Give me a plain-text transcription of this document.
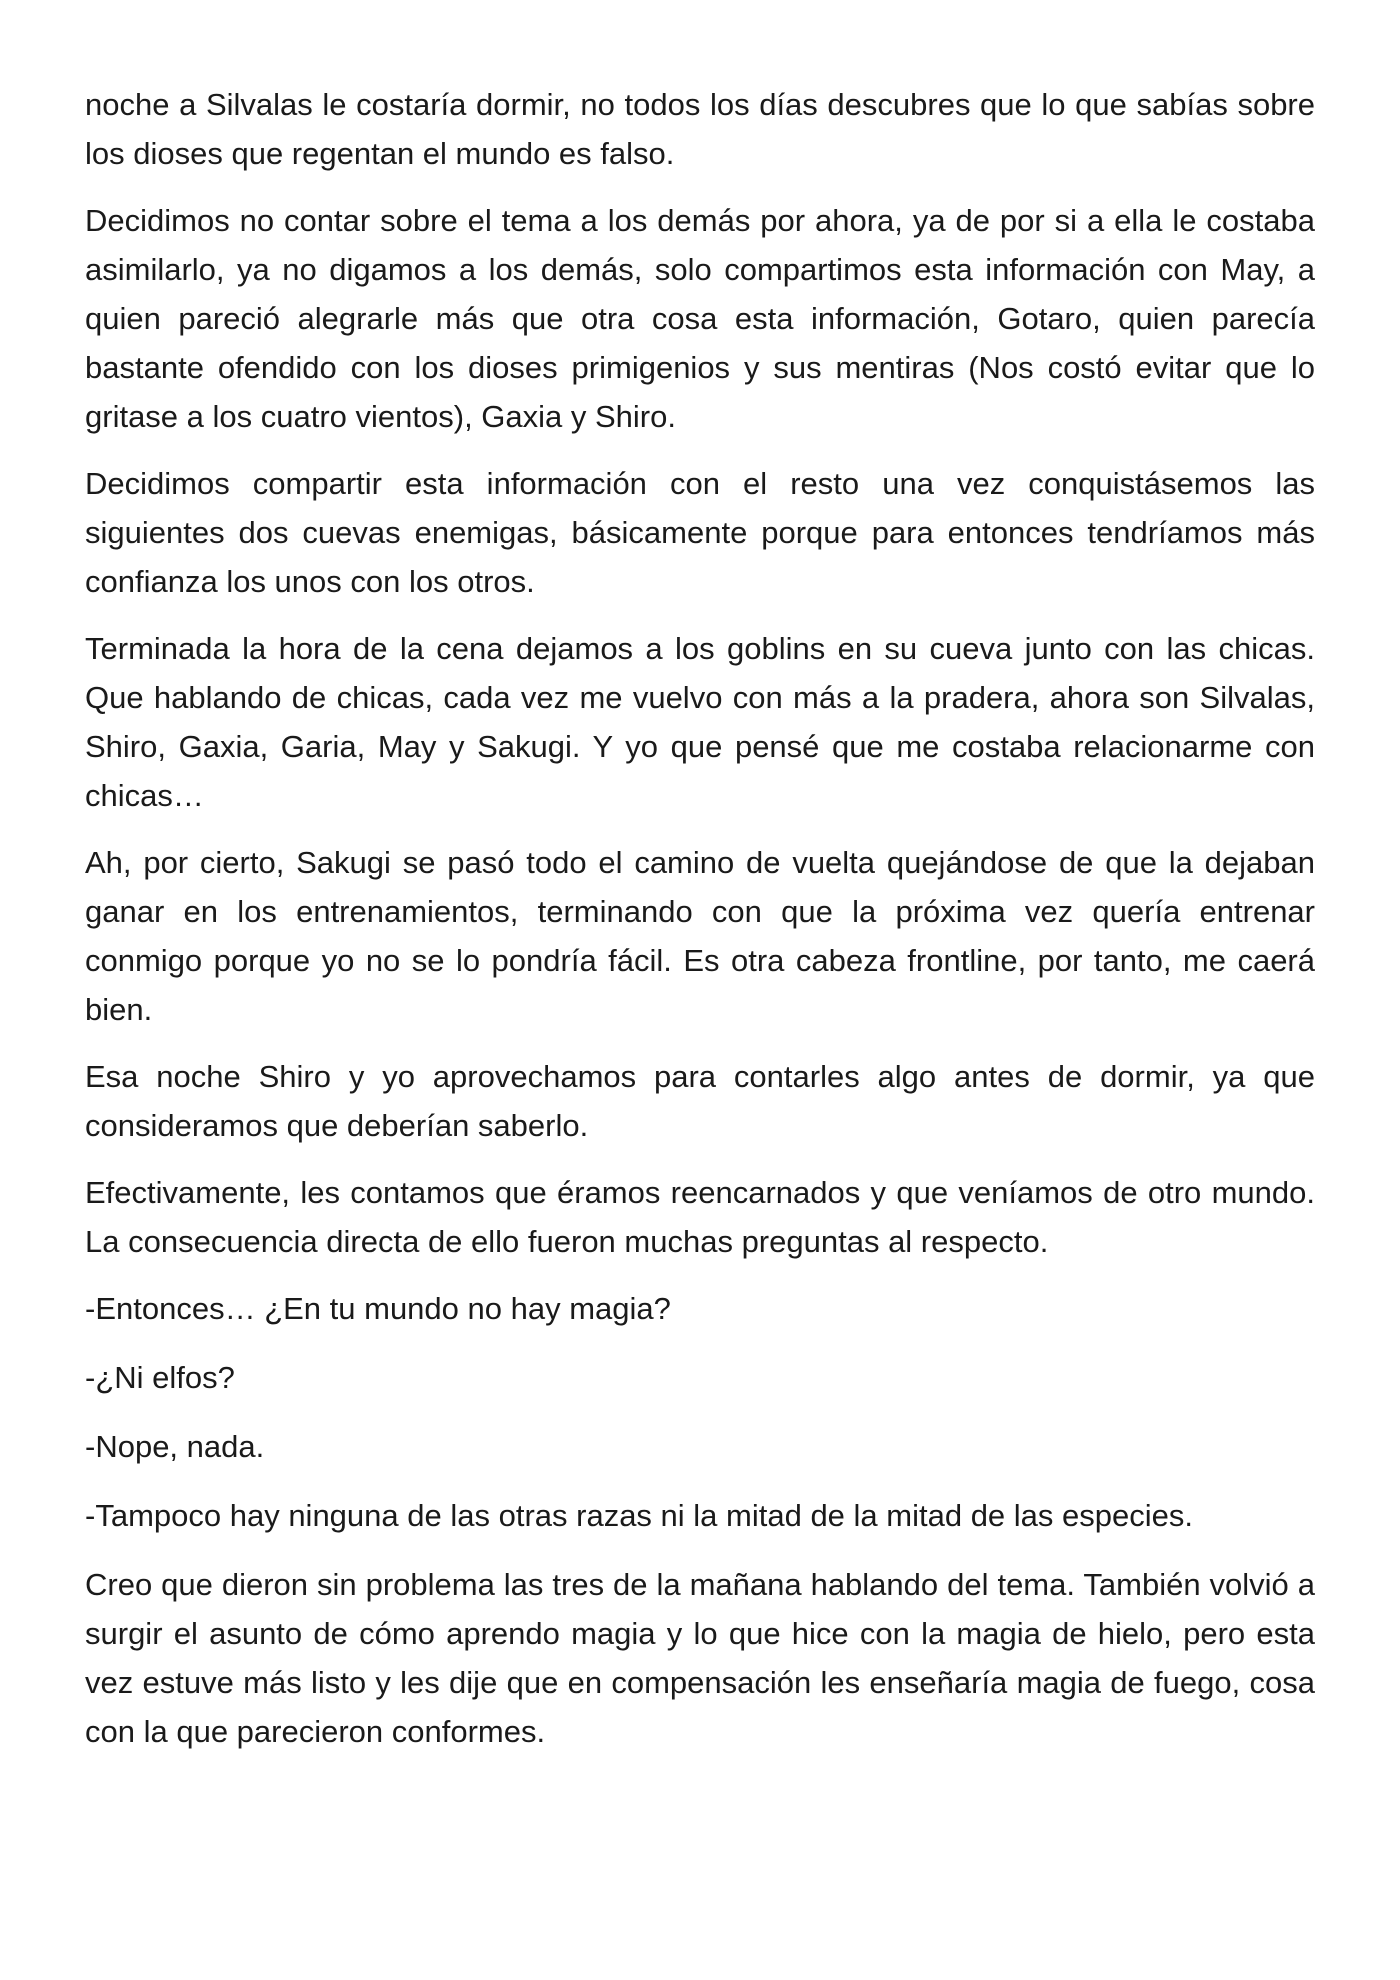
noche a Silvalas le costaría dormir, no todos los días descubres que lo que sabías sobre los dioses que regentan el mundo es falso.

Decidimos no contar sobre el tema a los demás por ahora, ya de por si a ella le costaba asimilarlo, ya no digamos a los demás, solo compartimos esta información con May, a quien pareció alegrarle más que otra cosa esta información, Gotaro, quien parecía bastante ofendido con los dioses primigenios y sus mentiras (Nos costó evitar que lo gritase a los cuatro vientos), Gaxia y Shiro.

Decidimos compartir esta información con el resto una vez conquistásemos las siguientes dos cuevas enemigas, básicamente porque para entonces tendríamos más confianza los unos con los otros.

Terminada la hora de la cena dejamos a los goblins en su cueva junto con las chicas. Que hablando de chicas, cada vez me vuelvo con más a la pradera, ahora son Silvalas, Shiro, Gaxia, Garia, May y Sakugi. Y yo que pensé que me costaba relacionarme con chicas…

Ah, por cierto, Sakugi se pasó todo el camino de vuelta quejándose de que la dejaban ganar en los entrenamientos, terminando con que la próxima vez quería entrenar conmigo porque yo no se lo pondría fácil. Es otra cabeza frontline, por tanto, me caerá bien.

Esa noche Shiro y yo aprovechamos para contarles algo antes de dormir, ya que consideramos que deberían saberlo.

Efectivamente, les contamos que éramos reencarnados y que veníamos de otro mundo. La consecuencia directa de ello fueron muchas preguntas al respecto.

-Entonces… ¿En tu mundo no hay magia?

-¿Ni elfos?

-Nope, nada.

-Tampoco hay ninguna de las otras razas ni la mitad de la mitad de las especies.

Creo que dieron sin problema las tres de la mañana hablando del tema. También volvió a surgir el asunto de cómo aprendo magia y lo que hice con la magia de hielo, pero esta vez estuve más listo y les dije que en compensación les enseñaría magia de fuego, cosa con la que parecieron conformes.
